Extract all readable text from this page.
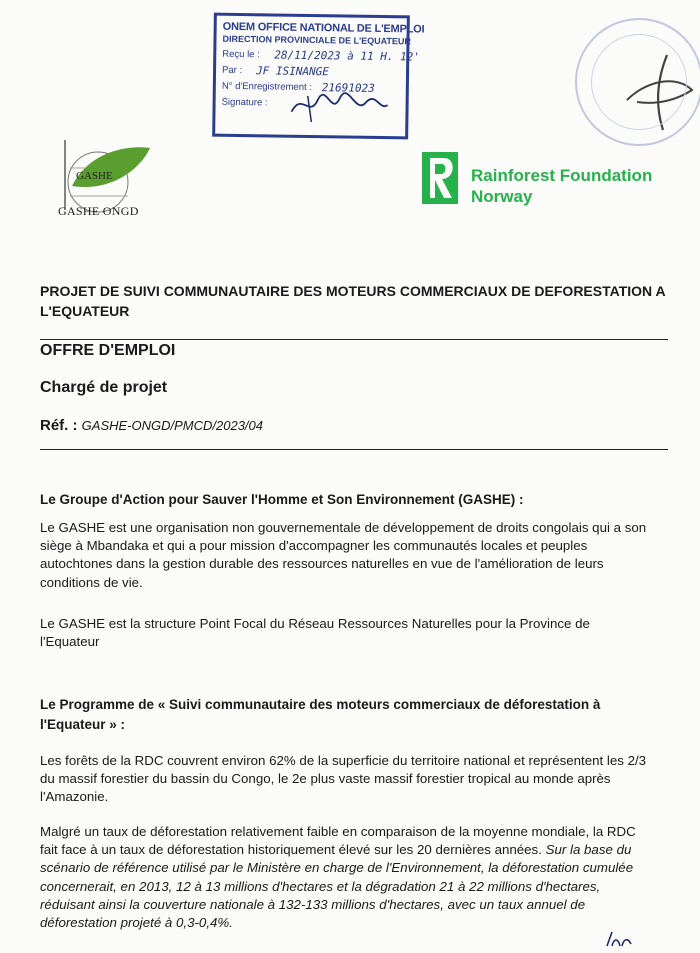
ONEM OFFICE NATIONAL DE L'EMPLOI
DIRECTION PROVINCIALE DE L'EQUATEUR
Reçu le : 28/11/2023 à 11 H. 12'
Par : JF ISINANGE
N° d'Enregistrement : 21691023
Signature :
GASHE
GASHE ONGD
Rainforest Foundation
Norway
PROJET DE SUIVI COMMUNAUTAIRE DES MOTEURS COMMERCIAUX DE DEFORESTATION A
L'EQUATEUR
OFFRE D'EMPLOI
Chargé de projet
Réf. : GASHE-ONGD/PMCD/2023/04
Le Groupe d'Action pour Sauver l'Homme et Son Environnement (GASHE) :
Le GASHE est une organisation non gouvernementale de développement de droits congolais qui a son siège à Mbandaka et qui a pour mission d'accompagner les communautés locales et peuples autochtones dans la gestion durable des ressources naturelles en vue de l'amélioration de leurs conditions de vie.
Le GASHE est la structure Point Focal du Réseau Ressources Naturelles pour la Province de l'Equateur
Le Programme de « Suivi communautaire des moteurs commerciaux de déforestation à l'Equateur » :
Les forêts de la RDC couvrent environ 62% de la superficie du territoire national et représentent les 2/3 du massif forestier du bassin du Congo, le 2e plus vaste massif forestier tropical au monde après l'Amazonie.
Malgré un taux de déforestation relativement faible en comparaison de la moyenne mondiale, la RDC fait face à un taux de déforestation historiquement élevé sur les 20 dernières années. Sur la base du scénario de référence utilisé par le Ministère en charge de l'Environnement, la déforestation cumulée concernerait, en 2013, 12 à 13 millions d'hectares et la dégradation 21 à 22 millions d'hectares, réduisant ainsi la couverture nationale à 132-133 millions d'hectares, avec un taux annuel de déforestation projeté à 0,3-0,4%.
